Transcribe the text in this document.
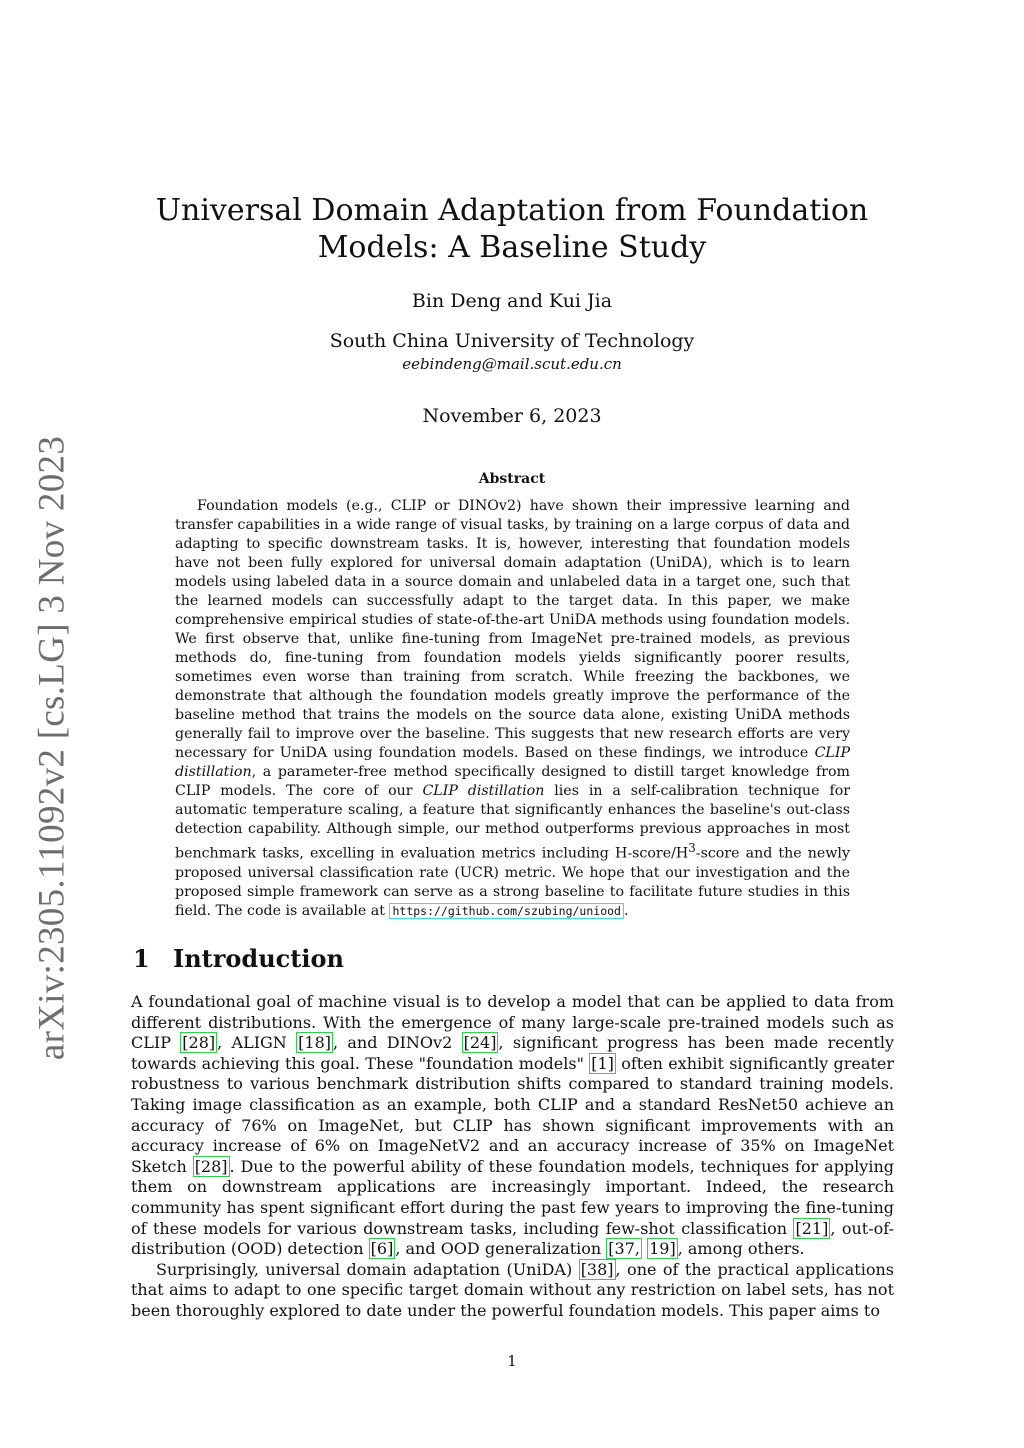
arXiv:2305.11092v2 [cs.LG] 3 Nov 2023
Universal Domain Adaptation from Foundation Models: A Baseline Study
Bin Deng and Kui Jia
South China University of Technology
eebindeng@mail.scut.edu.cn
November 6, 2023
Abstract

Foundation models (e.g., CLIP or DINOv2) have shown their impressive learning and transfer capabilities in a wide range of visual tasks, by training on a large corpus of data and adapting to specific downstream tasks. It is, however, interesting that foundation models have not been fully explored for universal domain adaptation (UniDA), which is to learn models using labeled data in a source domain and unlabeled data in a target one, such that the learned models can successfully adapt to the target data. In this paper, we make comprehensive empirical studies of state-of-the-art UniDA methods using foundation models. We first observe that, unlike fine-tuning from ImageNet pre-trained models, as previous methods do, fine-tuning from foundation models yields significantly poorer results, sometimes even worse than training from scratch. While freezing the backbones, we demonstrate that although the foundation models greatly improve the performance of the baseline method that trains the models on the source data alone, existing UniDA methods generally fail to improve over the baseline. This suggests that new research efforts are very necessary for UniDA using foundation models. Based on these findings, we introduce CLIP distillation, a parameter-free method specifically designed to distill target knowledge from CLIP models. The core of our CLIP distillation lies in a self-calibration technique for automatic temperature scaling, a feature that significantly enhances the baseline's out-class detection capability. Although simple, our method outperforms previous approaches in most benchmark tasks, excelling in evaluation metrics including $H-score/H^3$-score and the newly proposed universal classification rate (UCR) metric. We hope that our investigation and the proposed simple framework can serve as a strong baseline to facilitate future studies in this field. The code is available at https://github.com/szubing/uniood .

1 Introduction

A foundational goal of machine visual is to develop a model that can be applied to data from different distributions. With the emergence of many large-scale pre-trained models such as CLIP [28] , ALIGN [18] , and DINOv2 [24] , significant progress has been made recently towards achieving this goal. These "foundation models" [1] often exhibit significantly greater robustness to various benchmark distribution shifts compared to standard training models. Taking image classification as an example, both CLIP and a standard ResNet50 achieve an accuracy of 76% on ImageNet, but CLIP has shown significant improvements with an accuracy increase of 6% on ImageNetV2 and an accuracy increase of 35% on ImageNet Sketch [28] . Due to the powerful ability of these foundation models, techniques for applying them on downstream applications are increasingly important. Indeed, the research community has spent significant effort during the past few years to improving the fine-tuning of these models for various downstream tasks, including few-shot classification [21] , out-of-distribution (OOD) detection [6] , and OOD generalization [37, 19] , among others.

Surprisingly, universal domain adaptation (UniDA) [38] , one of the practical applications that aims to adapt to one specific target domain without any restriction on label sets, has not been thoroughly explored to date under the powerful foundation models. This paper aims to

1
